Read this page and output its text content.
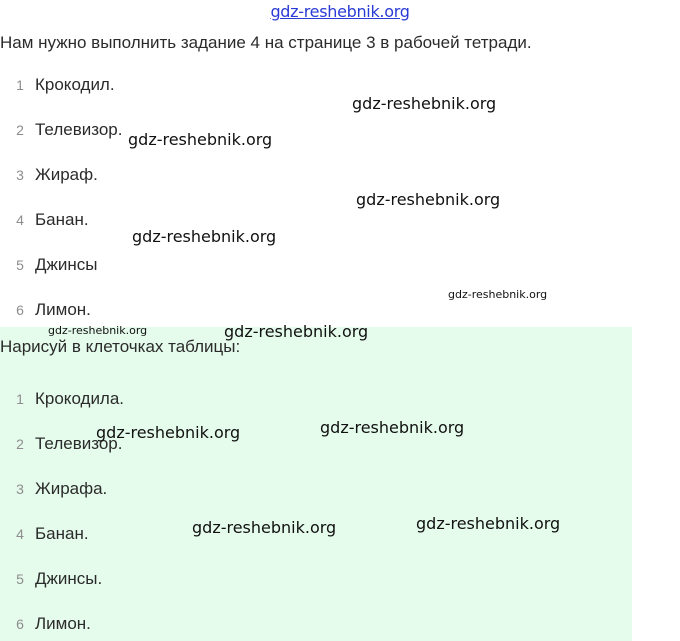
gdz-reshebnik.org
Нам нужно выполнить задание 4 на странице 3 в рабочей тетради.
1 Крокодил.
2 Телевизор.
3 Жираф.
4 Банан.
5 Джинсы
6 Лимон.
Нарисуй в клеточках таблицы:
1 Крокодила.
2 Телевизор.
3 Жирафа.
4 Банан.
5 Джинсы.
6 Лимон.
gdz-reshebnik.org
gdz-reshebnik.org
gdz-reshebnik.org
gdz-reshebnik.org
gdz-reshebnik.org
gdz-reshebnik.org	gdz-reshebnik.org
gdz-reshebnik.org	gdz-reshebnik.org
gdz-reshebnik.org	gdz-reshebnik.org
